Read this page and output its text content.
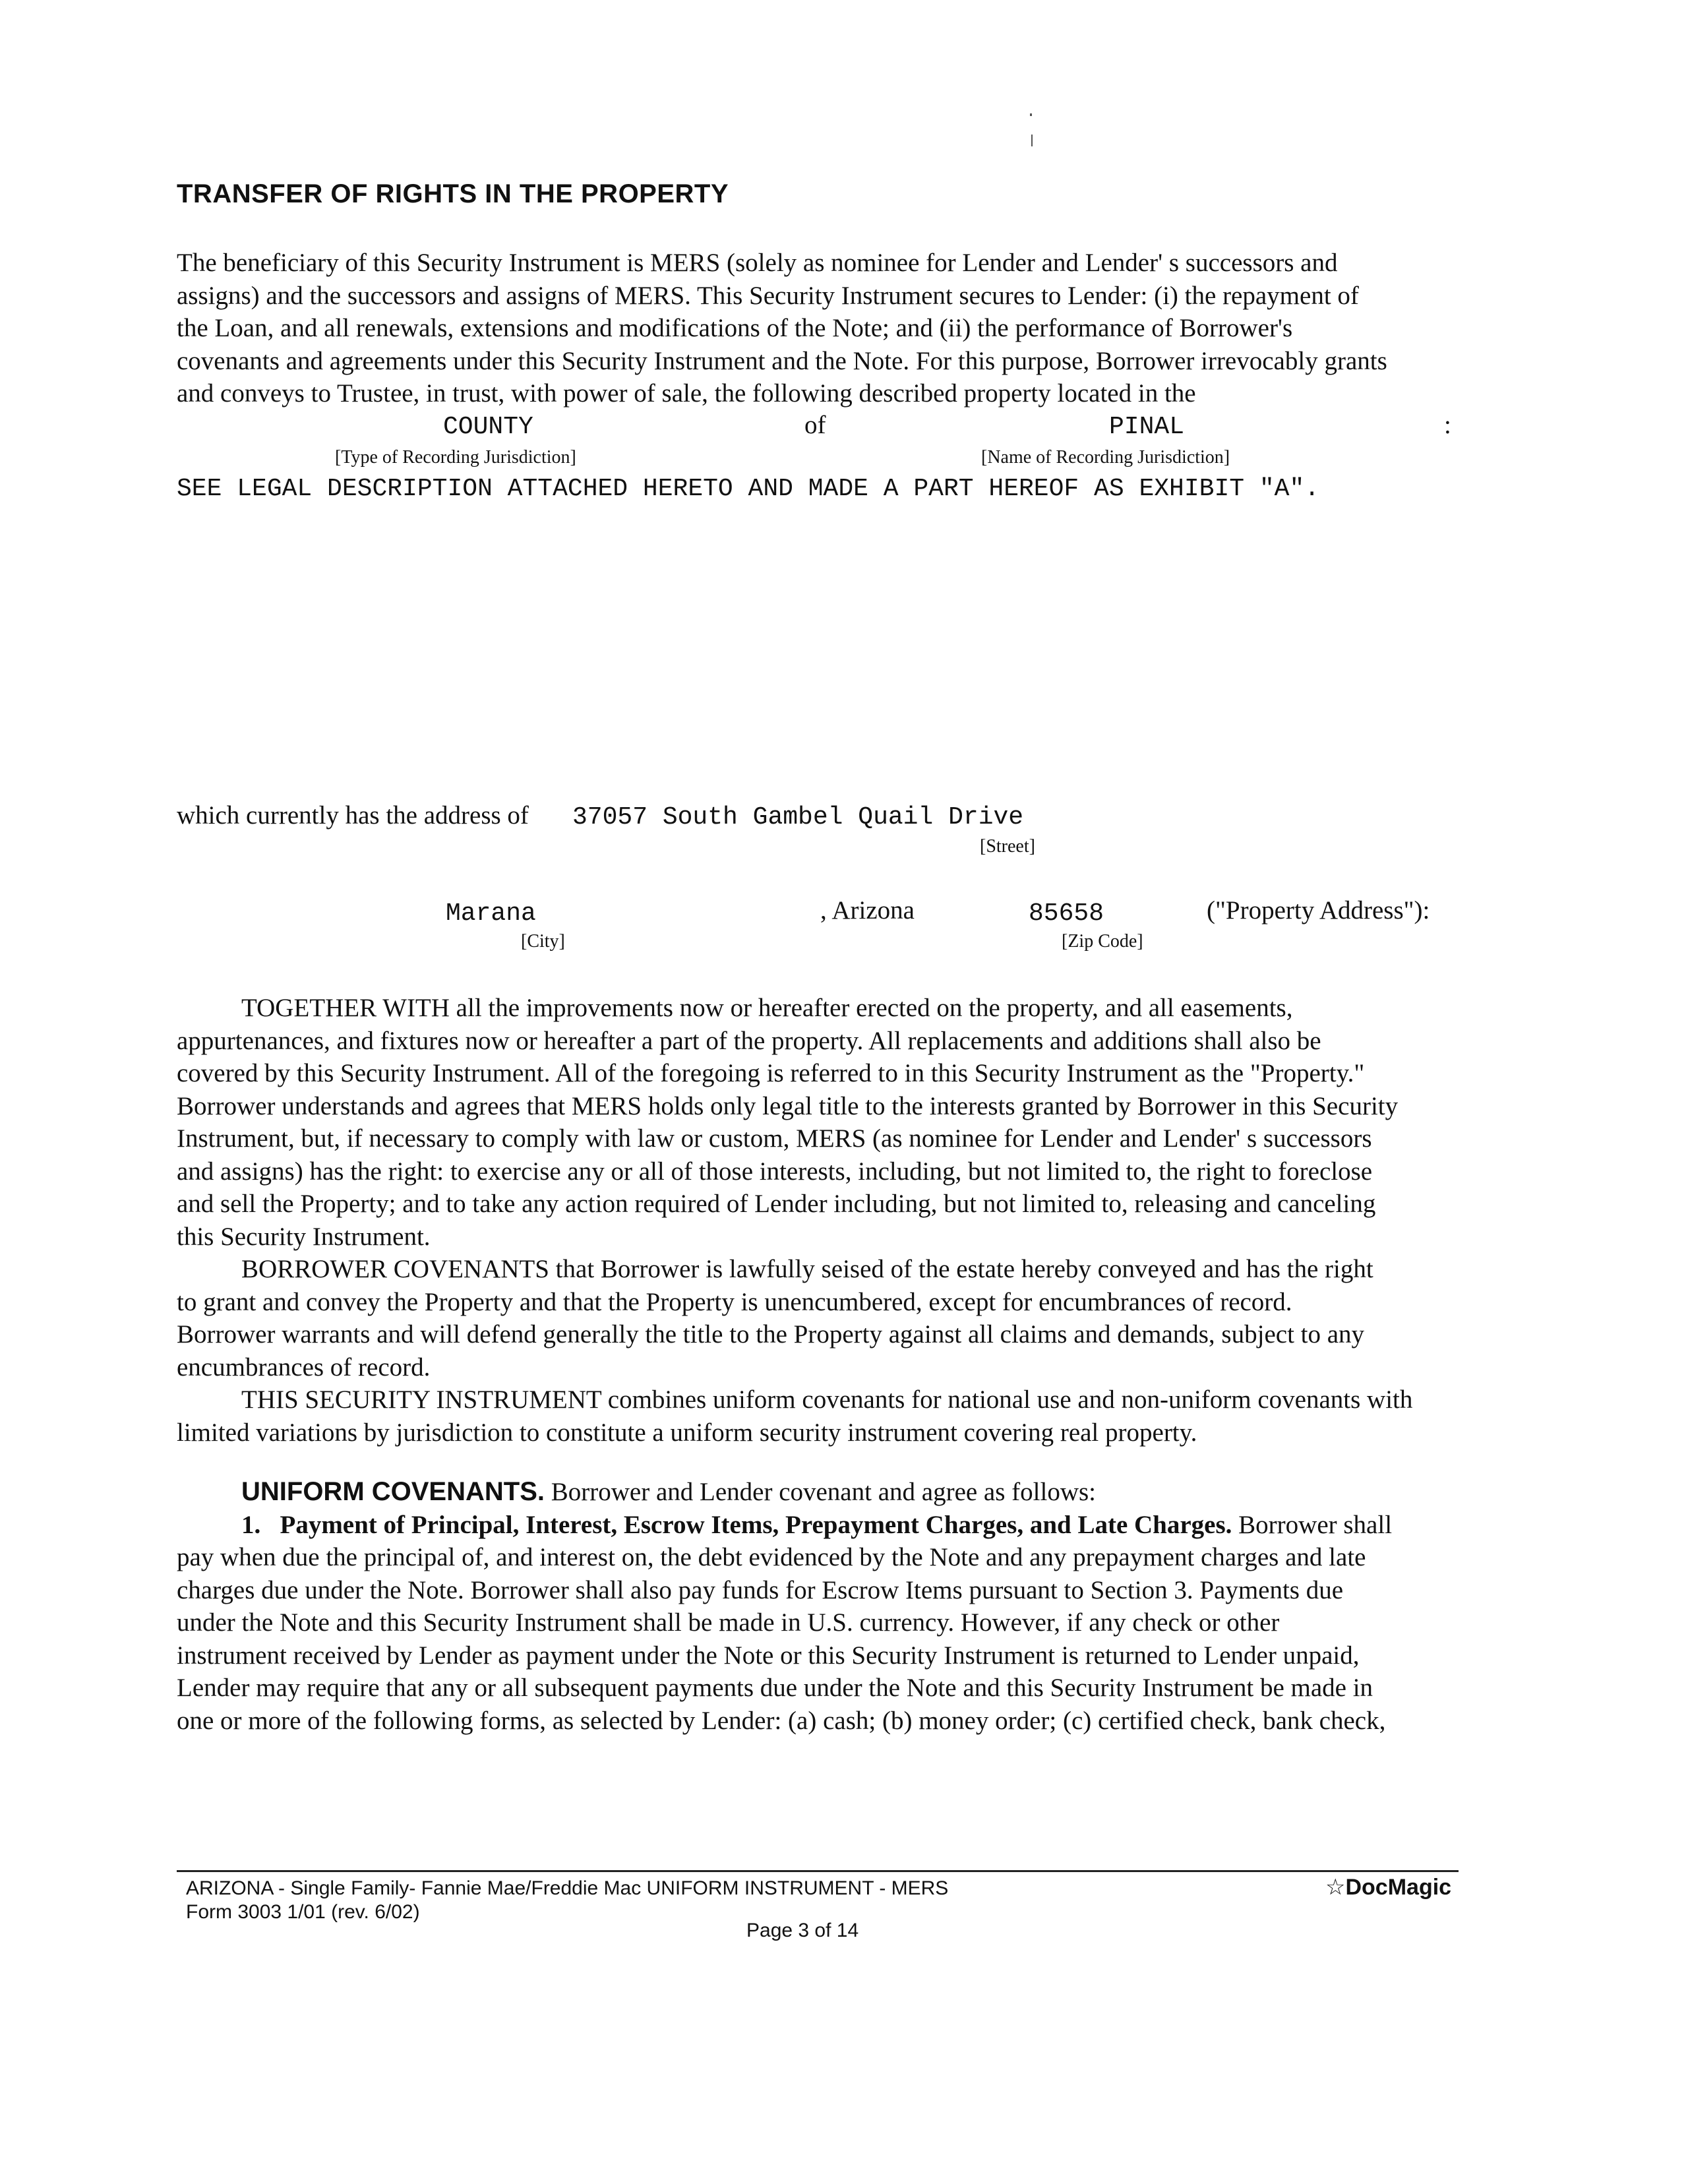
TRANSFER OF RIGHTS IN THE PROPERTY

The beneficiary of this Security Instrument is MERS (solely as nominee for Lender and Lender' s successors and

assigns) and the successors and assigns of MERS. This Security Instrument secures to Lender: (i) the repayment of

the Loan, and all renewals, extensions and modifications of the Note; and (ii) the performance of Borrower's

covenants and agreements under this Security Instrument and the Note. For this purpose, Borrower irrevocably grants

and conveys to Trustee, in trust, with power of sale, the following described property located in the

COUNTY	of	PINAL	:
[Type of Recording Jurisdiction]	[Name of Recording Jurisdiction]
SEE LEGAL DESCRIPTION ATTACHED HERETO AND MADE A PART HEREOF AS EXHIBIT "A".
which currently has the address of 37057 South Gambel Quail Drive
[Street]
Marana	, Arizona	85658	("Property Address"):
[City]	[Zip Code]

TOGETHER WITH all the improvements now or hereafter erected on the property, and all easements,

appurtenances, and fixtures now or hereafter a part of the property. All replacements and additions shall also be

covered by this Security Instrument. All of the foregoing is referred to in this Security Instrument as the "Property."

Borrower understands and agrees that MERS holds only legal title to the interests granted by Borrower in this Security

Instrument, but, if necessary to comply with law or custom, MERS (as nominee for Lender and Lender' s successors

and assigns) has the right: to exercise any or all of those interests, including, but not limited to, the right to foreclose

and sell the Property; and to take any action required of Lender including, but not limited to, releasing and canceling

this Security Instrument.

BORROWER COVENANTS that Borrower is lawfully seised of the estate hereby conveyed and has the right

to grant and convey the Property and that the Property is unencumbered, except for encumbrances of record.

Borrower warrants and will defend generally the title to the Property against all claims and demands, subject to any

encumbrances of record.

THIS SECURITY INSTRUMENT combines uniform covenants for national use and non-uniform covenants with

limited variations by jurisdiction to constitute a uniform security instrument covering real property.

UNIFORM COVENANTS. Borrower and Lender covenant and agree as follows:

1. Payment of Principal, Interest, Escrow Items, Prepayment Charges, and Late Charges. Borrower shall

pay when due the principal of, and interest on, the debt evidenced by the Note and any prepayment charges and late

charges due under the Note. Borrower shall also pay funds for Escrow Items pursuant to Section 3. Payments due

under the Note and this Security Instrument shall be made in U.S. currency. However, if any check or other

instrument received by Lender as payment under the Note or this Security Instrument is returned to Lender unpaid,

Lender may require that any or all subsequent payments due under the Note and this Security Instrument be made in

one or more of the following forms, as selected by Lender: (a) cash; (b) money order; (c) certified check, bank check,

ARIZONA - Single Family- Fannie Mae/Freddie Mac UNIFORM INSTRUMENT - MERS
Form 3003 1/01 (rev. 6/02)
☆DocMagic
Page 3 of 14
